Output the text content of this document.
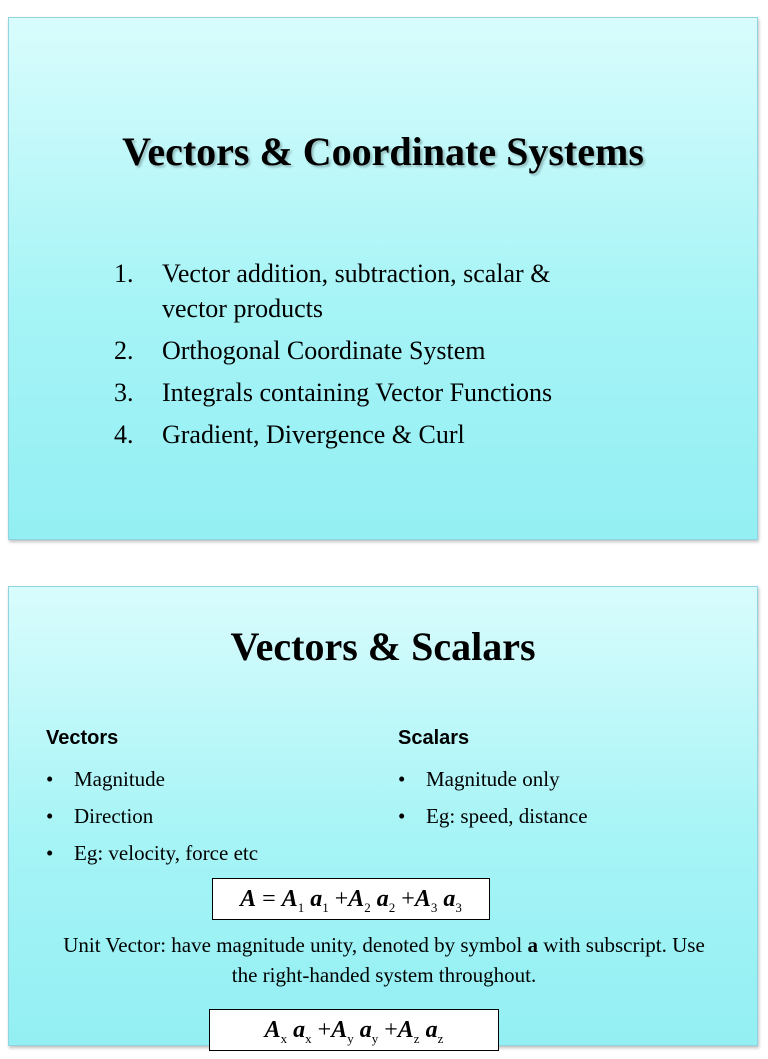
Vectors & Coordinate Systems
1.	Vector addition, subtraction, scalar &
vector products
2.	Orthogonal Coordinate System
3.	Integrals containing Vector Functions
4.	Gradient, Divergence & Curl
Vectors & Scalars
Vectors
• Magnitude
• Direction
• Eg: velocity, force etc
Scalars
• Magnitude only
• Eg: speed, distance
$A = A_1$ $a_1 +A_2$ $a_2 +A_3$ $a_3$
Unit Vector: have magnitude unity, denoted by symbol a with subscript. Use the right-handed system throughout.
$A_x$ $a_x +A_y$ $a_y +A_z$ $a_z$
